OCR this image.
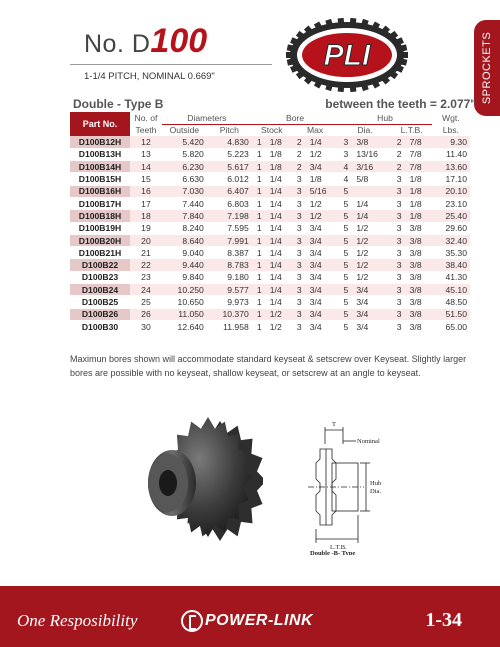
No. D100
1-1/4 PITCH, NOMINAL 0.669"
PLI	SPROCKETS
Double - Type B	between the teeth = 2.077"
Part No.	No. of	Diameters		Bore				Hub				Wgt.
	Teeth	Outside	Pitch	Stock		Max		Dia.		L.T.B.		Lbs.
D100B12H	12	5.420	4.830	1	1/8	2	1/4	3	3/8	2	7/8	9.30
D100B13H	13	5.820	5.223	1	1/8	2	1/2	3	13/16	2	7/8	11.40
D100B14H	14	6.230	5.617	1	1/8	2	3/4	4	3/16	2	7/8	13.60
D100B15H	15	6.630	6.012	1	1/4	3	1/8	4	5/8	3	1/8	17.10
D100B16H	16	7.030	6.407	1	1/4	3	5/16	5		3	1/8	20.10
D100B17H	17	7.440	6.803	1	1/4	3	1/2	5	1/4	3	1/8	23.10
D100B18H	18	7.840	7.198	1	1/4	3	1/2	5	1/4	3	1/8	25.40
D100B19H	19	8.240	7.595	1	1/4	3	3/4	5	1/2	3	3/8	29.60
D100B20H	20	8.640	7.991	1	1/4	3	3/4	5	1/2	3	3/8	32.40
D100B21H	21	9.040	8.387	1	1/4	3	3/4	5	1/2	3	3/8	35.30
D100B22	22	9.440	8.783	1	1/4	3	3/4	5	1/2	3	3/8	38.40
D100B23	23	9.840	9.180	1	1/4	3	3/4	5	1/2	3	3/8	41.30
D100B24	24	10.250	9.577	1	1/4	3	3/4	5	3/4	3	3/8	45.10
D100B25	25	10.650	9.973	1	1/4	3	3/4	5	3/4	3	3/8	48.50
D100B26	26	11.050	10.370	1	1/2	3	3/4	5	3/4	3	3/8	51.50
D100B30	30	12.640	11.958	1	1/2	3	3/4	5	3/4	3	3/8	65.00
Maximun bores shown will accommodate standard keyseat & setscrew over Keyseat. Slightly larger bores are possible with no keyseat, shallow keyseat, or setscrew at an angle to keyseat.
T
Nominal
Hub
Dia.
L.T.B.
Double -B- Type
One Resposibility	POWER-LINK	1-34
